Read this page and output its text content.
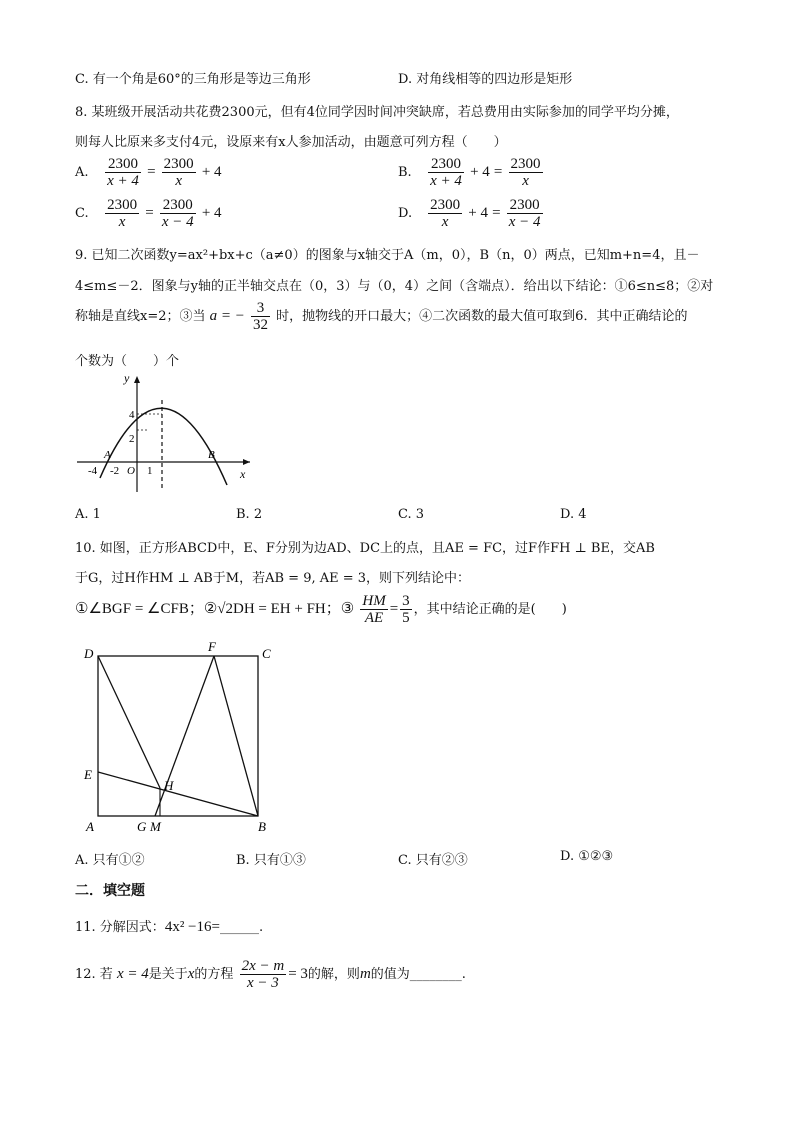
C. 有一个角是60°的三角形是等边三角形	D. 对角线相等的四边形是矩形
8. 某班级开展活动共花费2300元，但有4位同学因时间冲突缺席，若总费用由实际参加的同学平均分摊，
则每人比原来多支付4元，设原来有x人参加活动，由题意可列方程（　　）
A. $\frac{2300}{x + 4} = \frac{2300}{x} + 4$	B. $\frac{2300}{x + 4} + 4 = \frac{2300}{x}$
C. $\frac{2300}{x} = \frac{2300}{x - 4} + 4$	D. $\frac{2300}{x} + 4 = \frac{2300}{x - 4}$
9. 已知二次函数y=ax²+bx+c（a≠0）的图象与x轴交于A（m，0），B（n，0）两点，已知m+n=4，且－
4≤m≤－2．图象与y轴的正半轴交点在（0，3）与（0，4）之间（含端点）．给出以下结论：①6≤n≤8；②对
称轴是直线x=2；③当 a = − $\frac{3}{32}$ 时，抛物线的开口最大；④二次函数的最大值可取到6．其中正确结论的
个数为（　　）个
y
x
4
2
O 1
-4 -2
A	B
A. 1	B. 2	C. 3	D. 4
10. 如图，正方形ABCD中，E、F分别为边AD、DC上的点，且AE = FC，过F作FH ⊥ BE，交AB
于G，过H作HM ⊥ AB于M，若AB = 9, AE = 3，则下列结论中：
①∠BGF = ∠CFB；②√2DH = EH + FH；③ $\frac{HM}{AE} = \frac{3}{5}$ ，其中结论正确的是(　　)
D	F	C
E
H
A	G M	B
A. 只有①②	B. 只有①③	C. 只有②③	D. ①②③
二．填空题
11. 分解因式：4x² −16=______.
12. 若 x = 4是关于x的方程 $\frac{2x - m}{x - 3} = 3$的解，则m的值为________.
